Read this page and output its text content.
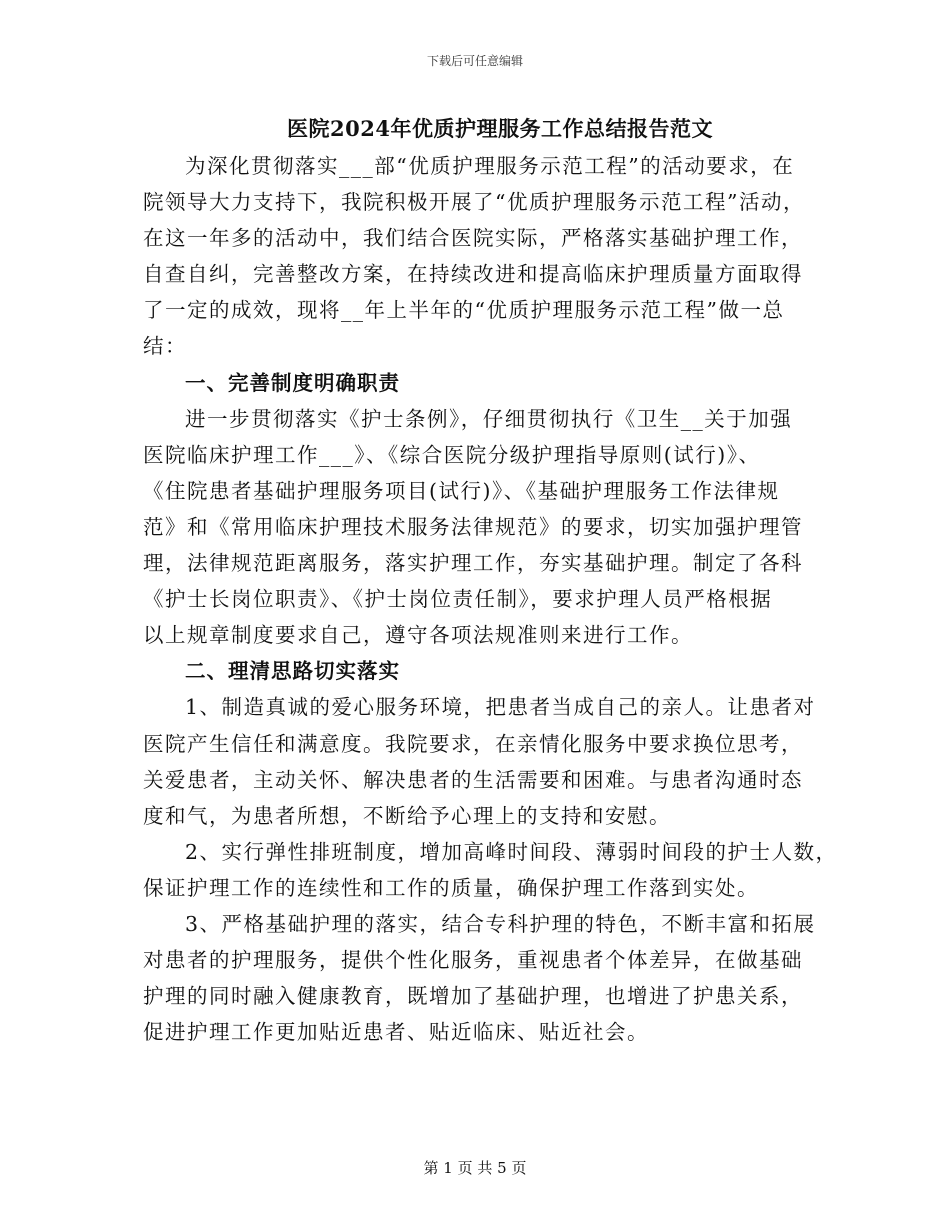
下载后可任意编辑
医院2024年优质护理服务工作总结报告范文
为深化贯彻落实___部“优质护理服务示范工程”的活动要求，在
院领导大力支持下，我院积极开展了“优质护理服务示范工程”活动，
在这一年多的活动中，我们结合医院实际，严格落实基础护理工作，
自查自纠，完善整改方案，在持续改进和提高临床护理质量方面取得
了一定的成效，现将__年上半年的“优质护理服务示范工程”做一总
结：
一、完善制度明确职责
进一步贯彻落实《护士条例》，仔细贯彻执行《卫生__关于加强
医院临床护理工作___》、《综合医院分级护理指导原则(试行)》、
《住院患者基础护理服务项目(试行)》、《基础护理服务工作法律规
范》和《常用临床护理技术服务法律规范》的要求，切实加强护理管
理，法律规范距离服务，落实护理工作，夯实基础护理。制定了各科
《护士长岗位职责》、《护士岗位责任制》，要求护理人员严格根据
以上规章制度要求自己，遵守各项法规准则来进行工作。
二、理清思路切实落实
1、制造真诚的爱心服务环境，把患者当成自己的亲人。让患者对
医院产生信任和满意度。我院要求，在亲情化服务中要求换位思考，
关爱患者，主动关怀、解决患者的生活需要和困难。与患者沟通时态
度和气，为患者所想，不断给予心理上的支持和安慰。
2、实行弹性排班制度，增加高峰时间段、薄弱时间段的护士人数，
保证护理工作的连续性和工作的质量，确保护理工作落到实处。
3、严格基础护理的落实，结合专科护理的特色，不断丰富和拓展
对患者的护理服务，提供个性化服务，重视患者个体差异，在做基础
护理的同时融入健康教育，既增加了基础护理，也增进了护患关系，
促进护理工作更加贴近患者、贴近临床、贴近社会。
第 1 页 共 5 页
